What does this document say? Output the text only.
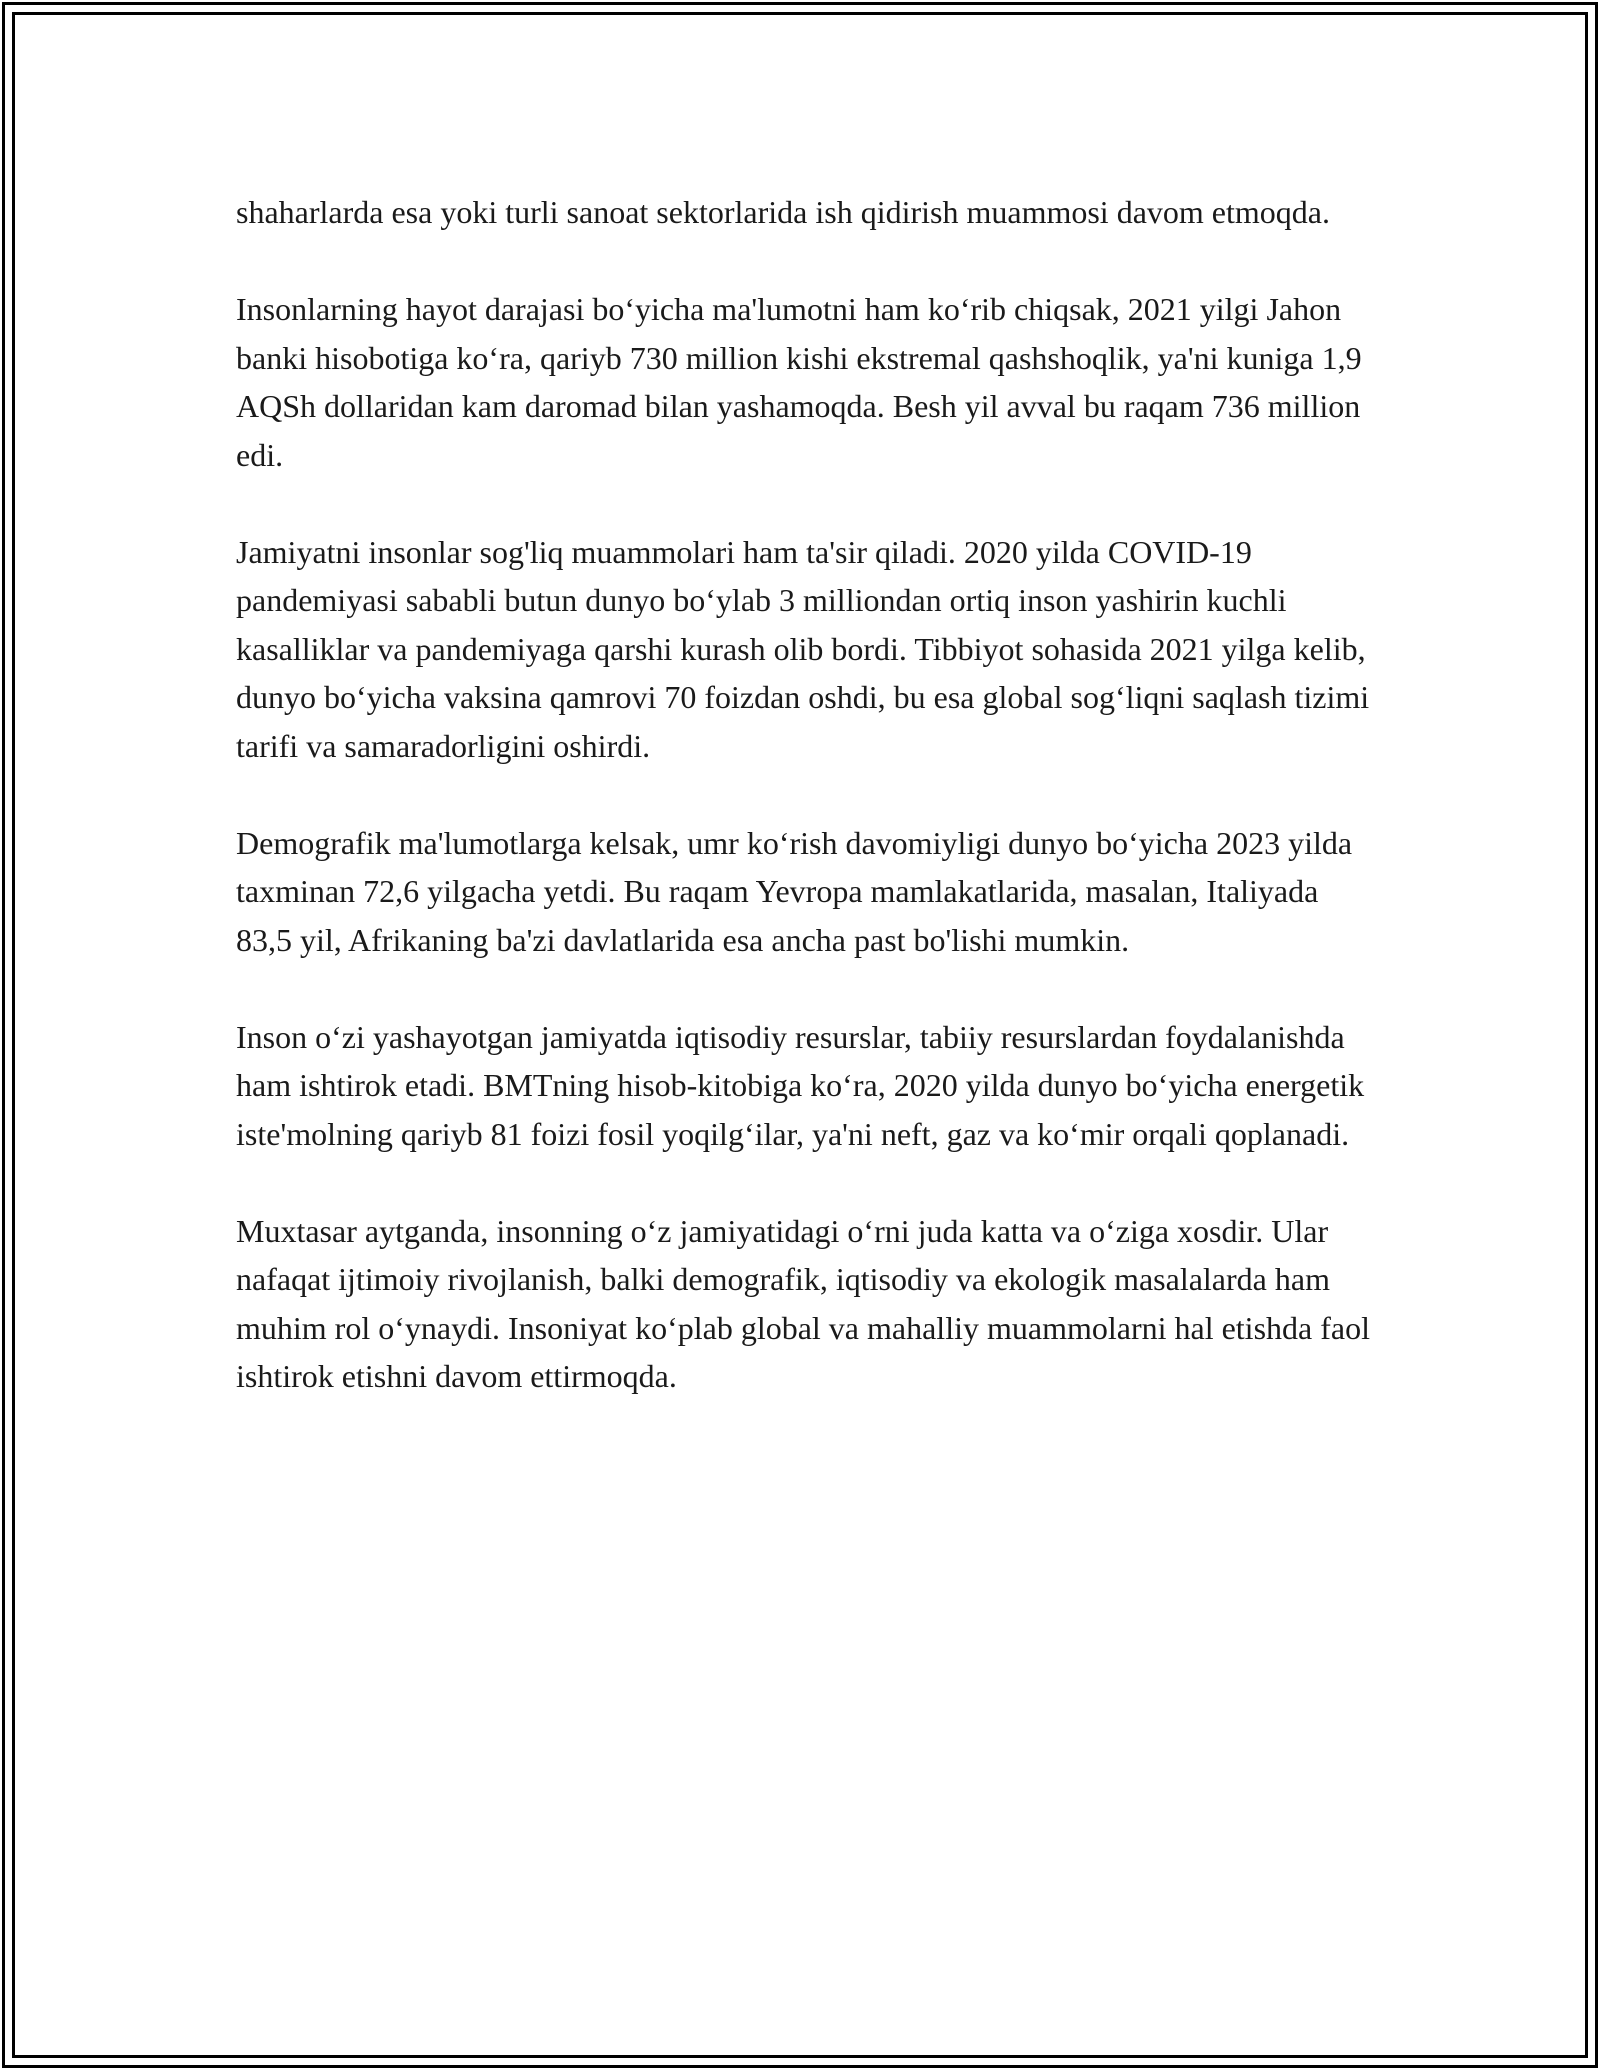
shaharlarda esa yoki turli sanoat sektorlarida ish qidirish muammosi davom etmoqda.

Insonlarning hayot darajasi bo‘yicha ma'lumotni ham ko‘rib chiqsak, 2021 yilgi Jahon banki hisobotiga ko‘ra, qariyb 730 million kishi ekstremal qashshoqlik, ya'ni kuniga 1,9 AQSh dollaridan kam daromad bilan yashamoqda. Besh yil avval bu raqam 736 million edi.

Jamiyatni insonlar sog'liq muammolari ham ta'sir qiladi. 2020 yilda COVID-19 pandemiyasi sababli butun dunyo bo‘ylab 3 milliondan ortiq inson yashirin kuchli kasalliklar va pandemiyaga qarshi kurash olib bordi. Tibbiyot sohasida 2021 yilga kelib, dunyo bo‘yicha vaksina qamrovi 70 foizdan oshdi, bu esa global sog‘liqni saqlash tizimi tarifi va samaradorligini oshirdi.

Demografik ma'lumotlarga kelsak, umr ko‘rish davomiyligi dunyo bo‘yicha 2023 yilda taxminan 72,6 yilgacha yetdi. Bu raqam Yevropa mamlakatlarida, masalan, Italiyada 83,5 yil, Afrikaning ba'zi davlatlarida esa ancha past bo'lishi mumkin.

Inson o‘zi yashayotgan jamiyatda iqtisodiy resurslar, tabiiy resurslardan foydalanishda ham ishtirok etadi. BMTning hisob-kitobiga ko‘ra, 2020 yilda dunyo bo‘yicha energetik iste'molning qariyb 81 foizi fosil yoqilg‘ilar, ya'ni neft, gaz va ko‘mir orqali qoplanadi.

Muxtasar aytganda, insonning o‘z jamiyatidagi o‘rni juda katta va o‘ziga xosdir. Ular nafaqat ijtimoiy rivojlanish, balki demografik, iqtisodiy va ekologik masalalarda ham muhim rol o‘ynaydi. Insoniyat ko‘plab global va mahalliy muammolarni hal etishda faol ishtirok etishni davom ettirmoqda.
